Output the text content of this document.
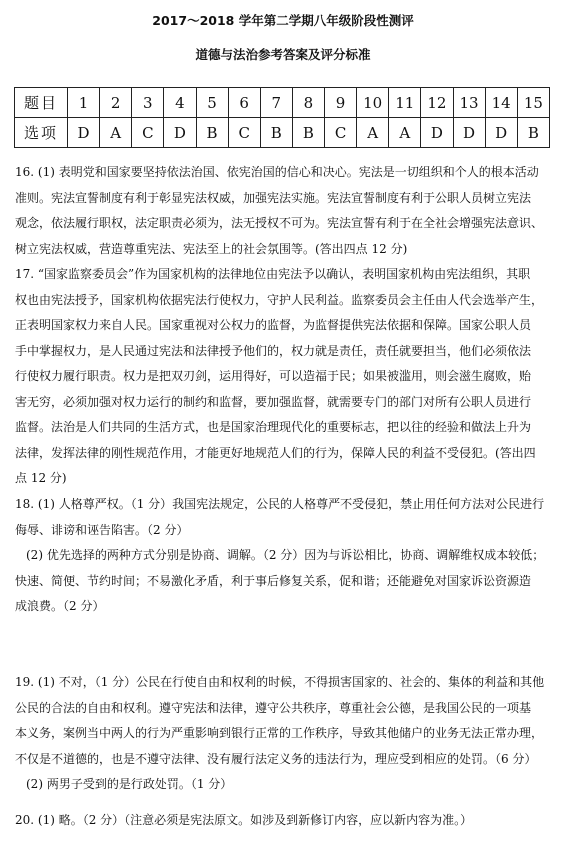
2017～2018 学年第二学期八年级阶段性测评
道德与法治参考答案及评分标准
题目	1	2	3	4	5	6	7	8	9	10	11	12	13	14	15
选项	D	A	C	D	B	C	B	B	C	A	A	D	D	D	B
16. (1) 表明党和国家要坚持依法治国、依宪治国的信心和决心。宪法是一切组织和个人的根本活动
准则。宪法宣誓制度有利于彰显宪法权威，加强宪法实施。宪法宣誓制度有利于公职人员树立宪法
观念，依法履行职权，法定职责必须为，法无授权不可为。宪法宣誓有利于在全社会增强宪法意识、
树立宪法权威，营造尊重宪法、宪法至上的社会氛围等。(答出四点 12 分)
17. “国家监察委员会”作为国家机构的法律地位由宪法予以确认，表明国家机构由宪法组织，其职
权也由宪法授予，国家机构依据宪法行使权力，守护人民利益。监察委员会主任由人代会选举产生，
正表明国家权力来自人民。国家重视对公权力的监督，为监督提供宪法依据和保障。国家公职人员
手中掌握权力，是人民通过宪法和法律授予他们的，权力就是责任，责任就要担当，他们必须依法
行使权力履行职责。权力是把双刃剑，运用得好，可以造福于民；如果被滥用，则会滋生腐败，贻
害无穷，必须加强对权力运行的制约和监督，要加强监督，就需要专门的部门对所有公职人员进行
监督。法治是人们共同的生活方式，也是国家治理现代化的重要标志，把以往的经验和做法上升为
法律，发挥法律的刚性规范作用，才能更好地规范人们的行为，保障人民的利益不受侵犯。(答出四
点 12 分)
18. (1) 人格尊严权。（1 分）我国宪法规定，公民的人格尊严不受侵犯，禁止用任何方法对公民进行
侮辱、诽谤和诬告陷害。（2 分）
(2) 优先选择的两种方式分别是协商、调解。（2 分）因为与诉讼相比，协商、调解维权成本较低；
快速、简便、节约时间；不易激化矛盾，利于事后修复关系，促和谐；还能避免对国家诉讼资源造
成浪费。（2 分）
19. (1) 不对，（1 分）公民在行使自由和权利的时候，不得损害国家的、社会的、集体的利益和其他
公民的合法的自由和权利。遵守宪法和法律，遵守公共秩序，尊重社会公德，是我国公民的一项基
本义务，案例当中两人的行为严重影响到银行正常的工作秩序，导致其他储户的业务无法正常办理，
不仅是不道德的，也是不遵守法律、没有履行法定义务的违法行为，理应受到相应的处罚。（6 分）
(2) 两男子受到的是行政处罚。（1 分）
20. (1) 略。（2 分）（注意必须是宪法原文。如涉及到新修订内容，应以新内容为准。）
